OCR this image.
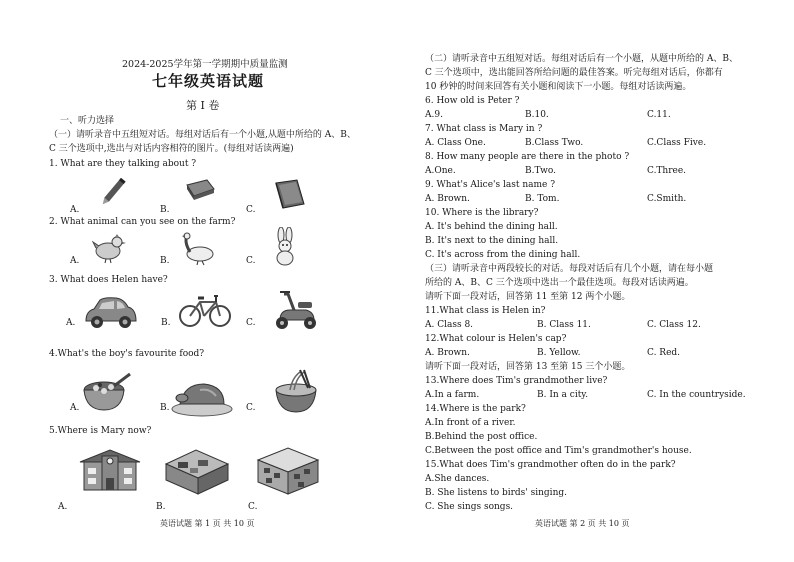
2024-2025学年第一学期期中质量监测
七年级英语试题
第 I 卷
一、听力选择
（一）请听录音中五组短对话。每组对话后有一个小题,从题中所给的 A、B、
C 三个选项中,选出与对话内容相符的图片。(每组对话读两遍)
1. What are they talking about ?
A.	B.	C.
2. What animal can you see on the farm?
A.	B.	C.
3. What does Helen have?
A.	B.	C.
4.What's the boy's favourite food?
A.	B.	C.
5.Where is Mary now?
A.	B.	C.
英语试题 第 1 页 共 10 页
（二）请听录音中五组短对话。每组对话后有一个小题，从题中所给的 A、B、
C 三个选项中，选出能回答所给问题的最佳答案。听完每组对话后，你都有
10 秒钟的时间来回答有关小题和阅读下一小题。每组对话读两遍。
6. How old is Peter ?
A.9.	B.10.	C.11.
7. What class is Mary in ?
A. Class One.	B.Class Two.	C.Class Five.
8. How many people are there in the photo ?
A.One.	B.Two.	C.Three.
9. What's Alice's last name ?
A. Brown.	B. Tom.	C.Smith.
10. Where is the library?
A. It's behind the dining hall.
B. It's next to the dining hall.
C. It's across from the dining hall.
（三）请听录音中两段较长的对话。每段对话后有几个小题，请在每小题
所给的 A、B、C 三个选项中选出一个最佳选项。每段对话读两遍。
请听下面一段对话，回答第 11 至第 12 两个小题。
11.What class is Helen in?
A. Class 8.	B. Class 11.	C. Class 12.
12.What colour is Helen's cap?
A. Brown.	B. Yellow.	C. Red.
请听下面一段对话，回答第 13 至第 15 三个小题。
13.Where does Tim's grandmother live?
A.In a farm.	B. In a city.	C. In the countryside.
14.Where is the park?
A.In front of a river.
B.Behind the post office.
C.Between the post office and Tim's grandmother's house.
15.What does Tim's grandmother often do in the park?
A.She dances.
B. She listens to birds' singing.
C. She sings songs.
英语试题 第 2 页 共 10 页
